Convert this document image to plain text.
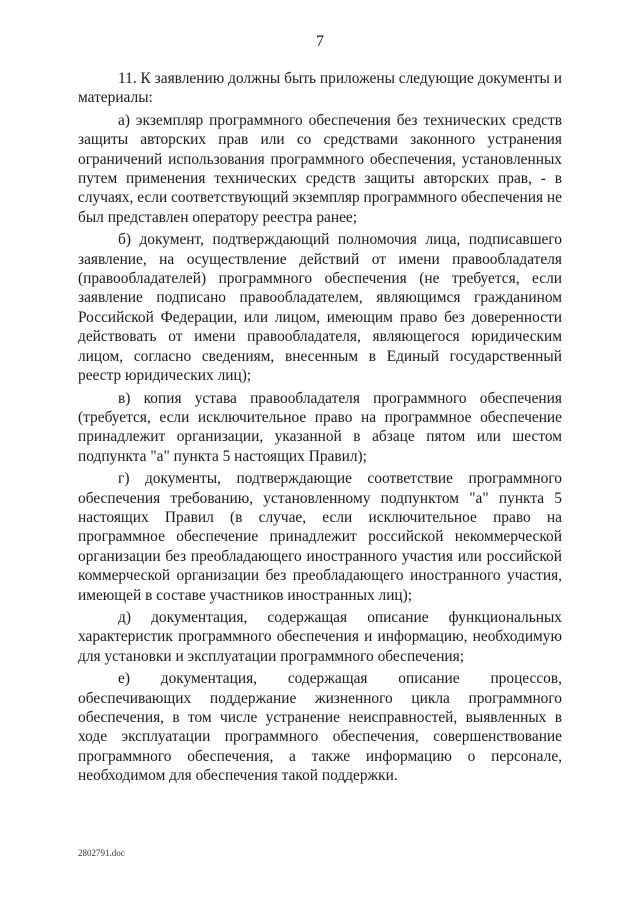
7

11. К заявлению должны быть приложены следующие документы и материалы:

а) экземпляр программного обеспечения без технических средств защиты авторских прав или со средствами законного устранения ограничений использования программного обеспечения, установленных путем применения технических средств защиты авторских прав, - в случаях, если соответствующий экземпляр программного обеспечения не был представлен оператору реестра ранее;

б) документ, подтверждающий полномочия лица, подписавшего заявление, на осуществление действий от имени правообладателя (правообладателей) программного обеспечения (не требуется, если заявление подписано правообладателем, являющимся гражданином Российской Федерации, или лицом, имеющим право без доверенности действовать от имени правообладателя, являющегося юридическим лицом, согласно сведениям, внесенным в Единый государственный реестр юридических лиц);

в) копия устава правообладателя программного обеспечения (требуется, если исключительное право на программное обеспечение принадлежит организации, указанной в абзаце пятом или шестом подпункта "а" пункта 5 настоящих Правил);

г) документы, подтверждающие соответствие программного обеспечения требованию, установленному подпунктом "а" пункта 5 настоящих Правил (в случае, если исключительное право на программное обеспечение принадлежит российской некоммерческой организации без преобладающего иностранного участия или российской коммерческой организации без преобладающего иностранного участия, имеющей в составе участников иностранных лиц);

д) документация, содержащая описание функциональных характеристик программного обеспечения и информацию, необходимую для установки и эксплуатации программного обеспечения;

е) документация, содержащая описание процессов, обеспечивающих поддержание жизненного цикла программного обеспечения, в том числе устранение неисправностей, выявленных в ходе эксплуатации программного обеспечения, совершенствование программного обеспечения, а также информацию о персонале, необходимом для обеспечения такой поддержки.

2802791.doc
